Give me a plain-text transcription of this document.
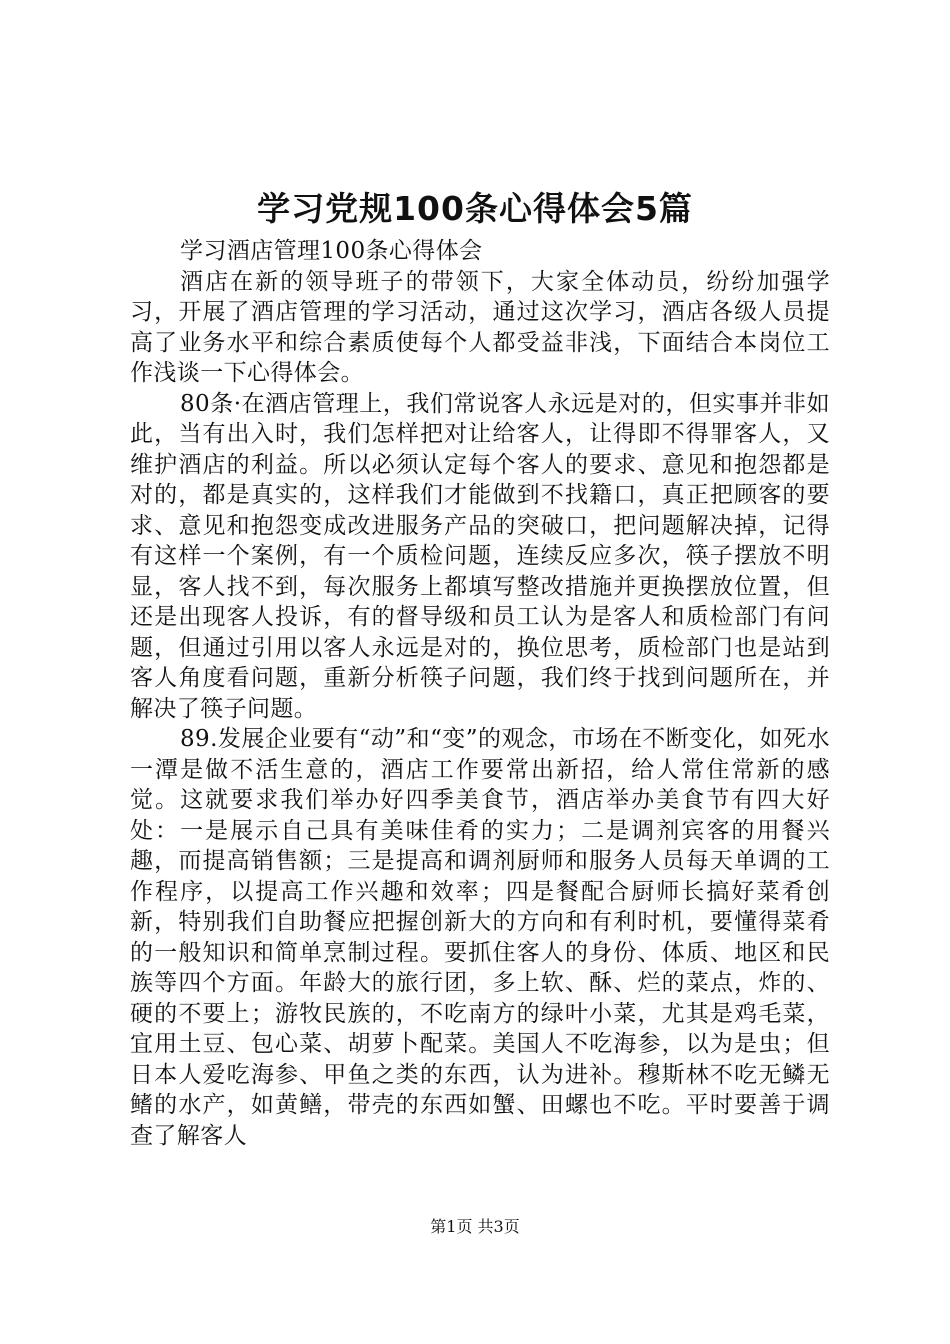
学习党规100条心得体会5篇

学习酒店管理100条心得体会

酒店在新的领导班子的带领下，大家全体动员，纷纷加强学习，开展了酒店管理的学习活动，通过这次学习，酒店各级人员提高了业务水平和综合素质使每个人都受益非浅，下面结合本岗位工作浅谈一下心得体会。

80条·在酒店管理上，我们常说客人永远是对的，但实事并非如此，当有出入时，我们怎样把对让给客人，让得即不得罪客人，又维护酒店的利益。所以必须认定每个客人的要求、意见和抱怨都是对的，都是真实的，这样我们才能做到不找籍口，真正把顾客的要求、意见和抱怨变成改进服务产品的突破口，把问题解决掉，记得有这样一个案例，有一个质检问题，连续反应多次，筷子摆放不明显，客人找不到，每次服务上都填写整改措施并更换摆放位置，但还是出现客人投诉，有的督导级和员工认为是客人和质检部门有问题，但通过引用以客人永远是对的，换位思考，质检部门也是站到客人角度看问题，重新分析筷子问题，我们终于找到问题所在，并解决了筷子问题。

89.发展企业要有“动”和“变”的观念，市场在不断变化，如死水一潭是做不活生意的，酒店工作要常出新招，给人常住常新的感觉。这就要求我们举办好四季美食节，酒店举办美食节有四大好处：一是展示自己具有美味佳肴的实力；二是调剂宾客的用餐兴趣，而提高销售额；三是提高和调剂厨师和服务人员每天单调的工作程序，以提高工作兴趣和效率；四是餐配合厨师长搞好菜肴创新，特别我们自助餐应把握创新大的方向和有利时机，要懂得菜肴的一般知识和简单烹制过程。要抓住客人的身份、体质、地区和民族等四个方面。年龄大的旅行团，多上软、酥、烂的菜点，炸的、硬的不要上；游牧民族的，不吃南方的绿叶小菜，尤其是鸡毛菜，宜用土豆、包心菜、胡萝卜配菜。美国人不吃海参，以为是虫；但日本人爱吃海参、甲鱼之类的东西，认为进补。穆斯林不吃无鳞无鳍的水产，如黄鳝，带壳的东西如蟹、田螺也不吃。平时要善于调查了解客人

第1页 共3页
